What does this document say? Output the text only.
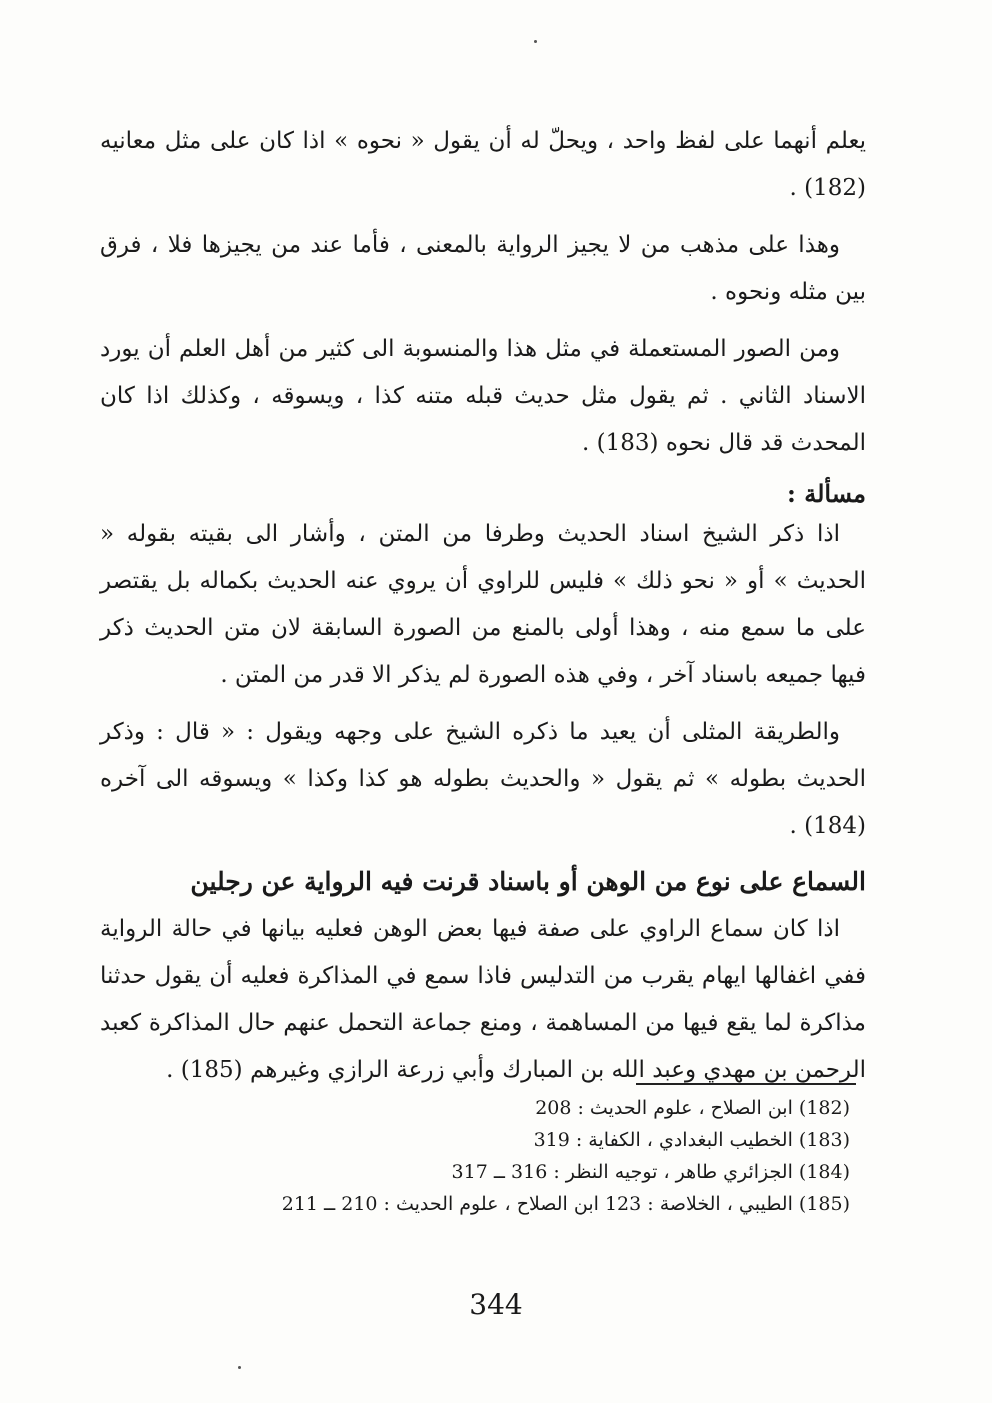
يعلم أنهما على لفظ واحد ، ويحلّ له أن يقول « نحوه » اذا كان على مثل معانيه (182) .

وهذا على مذهب من لا يجيز الرواية بالمعنى ، فأما عند من يجيزها فلا ، فرق بين مثله ونحوه .

ومن الصور المستعملة في مثل هذا والمنسوبة الى كثير من أهل العلم أن يورد الاسناد الثاني . ثم يقول مثل حديث قبله متنه كذا ، ويسوقه ، وكذلك اذا كان المحدث قد قال نحوه (183) .

مسألة :

اذا ذكر الشيخ اسناد الحديث وطرفا من المتن ، وأشار الى بقيته بقوله « الحديث » أو « نحو ذلك » فليس للراوي أن يروي عنه الحديث بكماله بل يقتصر على ما سمع منه ، وهذا أولى بالمنع من الصورة السابقة لان متن الحديث ذكر فيها جميعه باسناد آخر ، وفي هذه الصورة لم يذكر الا قدر من المتن .

والطريقة المثلى أن يعيد ما ذكره الشيخ على وجهه ويقول : « قال : وذكر الحديث بطوله » ثم يقول « والحديث بطوله هو كذا وكذا » ويسوقه الى آخره (184) .

السماع على نوع من الوهن أو باسناد قرنت فيه الرواية عن رجلين

اذا كان سماع الراوي على صفة فيها بعض الوهن فعليه بيانها في حالة الرواية ففي اغفالها ايهام يقرب من التدليس فاذا سمع في المذاكرة فعليه أن يقول حدثنا مذاكرة لما يقع فيها من المساهمة ، ومنع جماعة التحمل عنهم حال المذاكرة كعبد الرحمن بن مهدي وعبد الله بن المبارك وأبي زرعة الرازي وغيرهم (185) .

(182) ابن الصلاح ، علوم الحديث : 208

(183) الخطيب البغدادي ، الكفاية : 319

(184) الجزائري طاهر ، توجيه النظر : 316 ــ 317

(185) الطيبي ، الخلاصة : 123 ابن الصلاح ، علوم الحديث : 210 ــ 211

344
